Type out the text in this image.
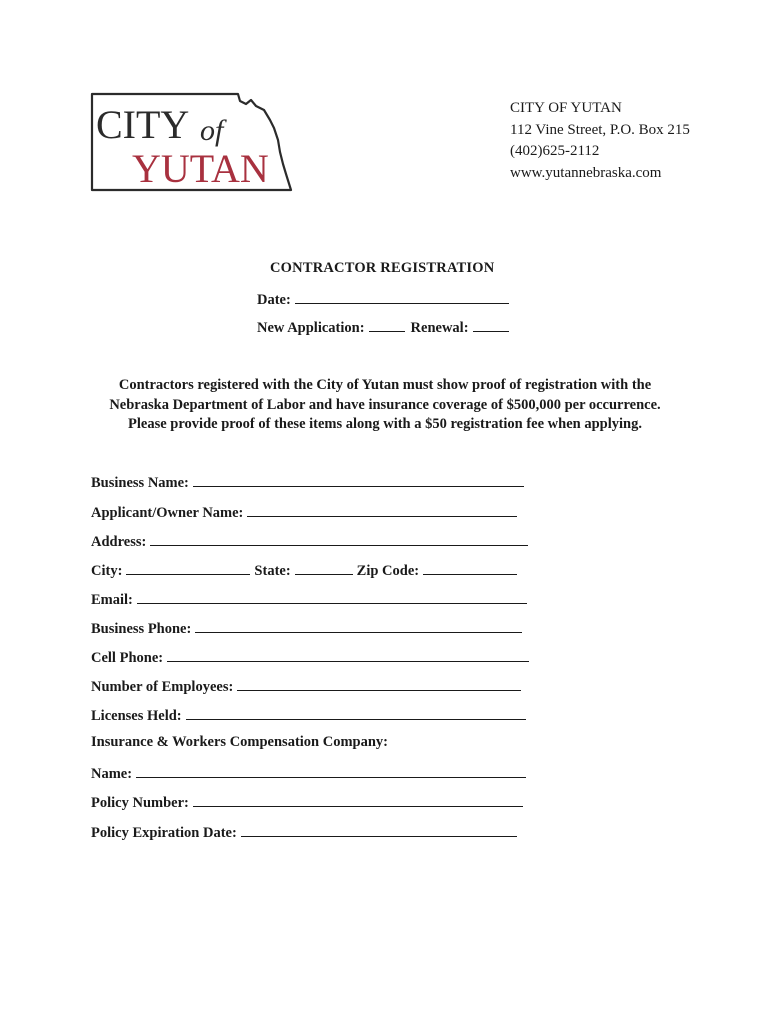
CITY of
YUTAN
CITY OF YUTAN
112 Vine Street, P.O. Box 215
(402)625-2112
www.yutannebraska.com
CONTRACTOR REGISTRATION
Date:
New Application:	Renewal:
Contractors registered with the City of Yutan must show proof of registration with the
Nebraska Department of Labor and have insurance coverage of $500,000 per occurrence.
Please provide proof of these items along with a $50 registration fee when applying.
Business Name:
Applicant/Owner Name:
Address:
City:	State:	Zip Code:
Email:
Business Phone:
Cell Phone:
Number of Employees:
Licenses Held:
Insurance & Workers Compensation Company:
Name:
Policy Number:
Policy Expiration Date:
